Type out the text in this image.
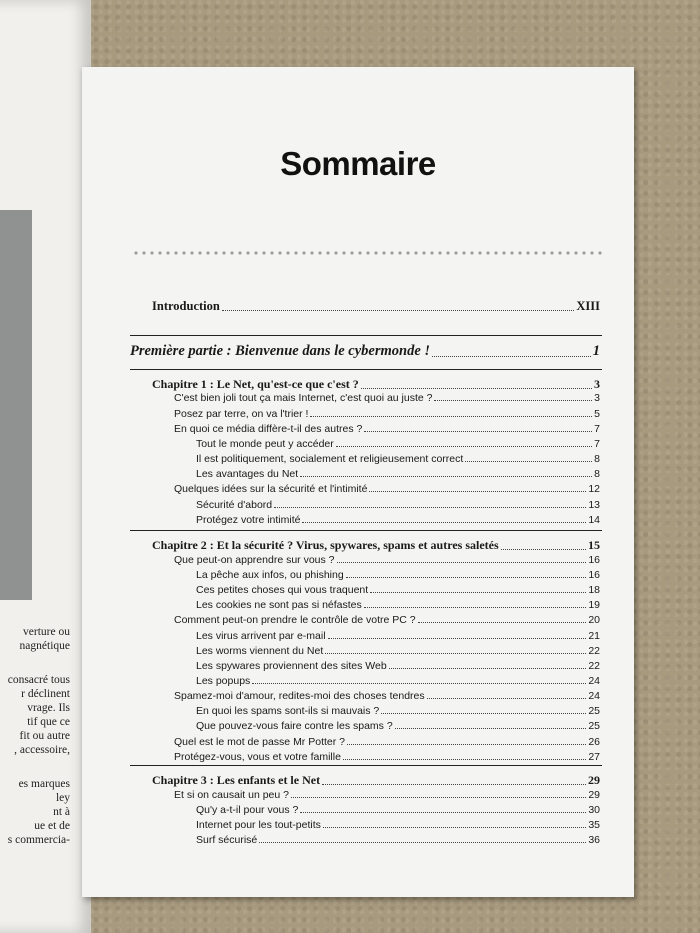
verture ou
nagnétique
consacré tous
r déclinent
vrage. Ils
tif que ce
fit ou autre
, accessoire,
es marques
ley
nt à
ue et de
s commercia-
Sommaire
Introduction	XIII
Première partie : Bienvenue dans le cybermonde !	1
Chapitre 1 : Le Net, qu'est-ce que c'est ?	3
C'est bien joli tout ça mais Internet, c'est quoi au juste ?	3
Posez par terre, on va l'trier !	5
En quoi ce média diffère-t-il des autres ?	7
Tout le monde peut y accéder	7
Il est politiquement, socialement et religieusement correct	8
Les avantages du Net	8
Quelques idées sur la sécurité et l'intimité	12
Sécurité d'abord	13
Protégez votre intimité	14
Chapitre 2 : Et la sécurité ? Virus, spywares, spams et autres saletés	15
Que peut-on apprendre sur vous ?	16
La pêche aux infos, ou phishing	16
Ces petites choses qui vous traquent	18
Les cookies ne sont pas si néfastes	19
Comment peut-on prendre le contrôle de votre PC ?	20
Les virus arrivent par e-mail	21
Les worms viennent du Net	22
Les spywares proviennent des sites Web	22
Les popups	24
Spamez-moi d'amour, redites-moi des choses tendres	24
En quoi les spams sont-ils si mauvais ?	25
Que pouvez-vous faire contre les spams ?	25
Quel est le mot de passe Mr Potter ?	26
Protégez-vous, vous et votre famille	27
Chapitre 3 : Les enfants et le Net	29
Et si on causait un peu ?	29
Qu'y a-t-il pour vous ?	30
Internet pour les tout-petits	35
Surf sécurisé	36
